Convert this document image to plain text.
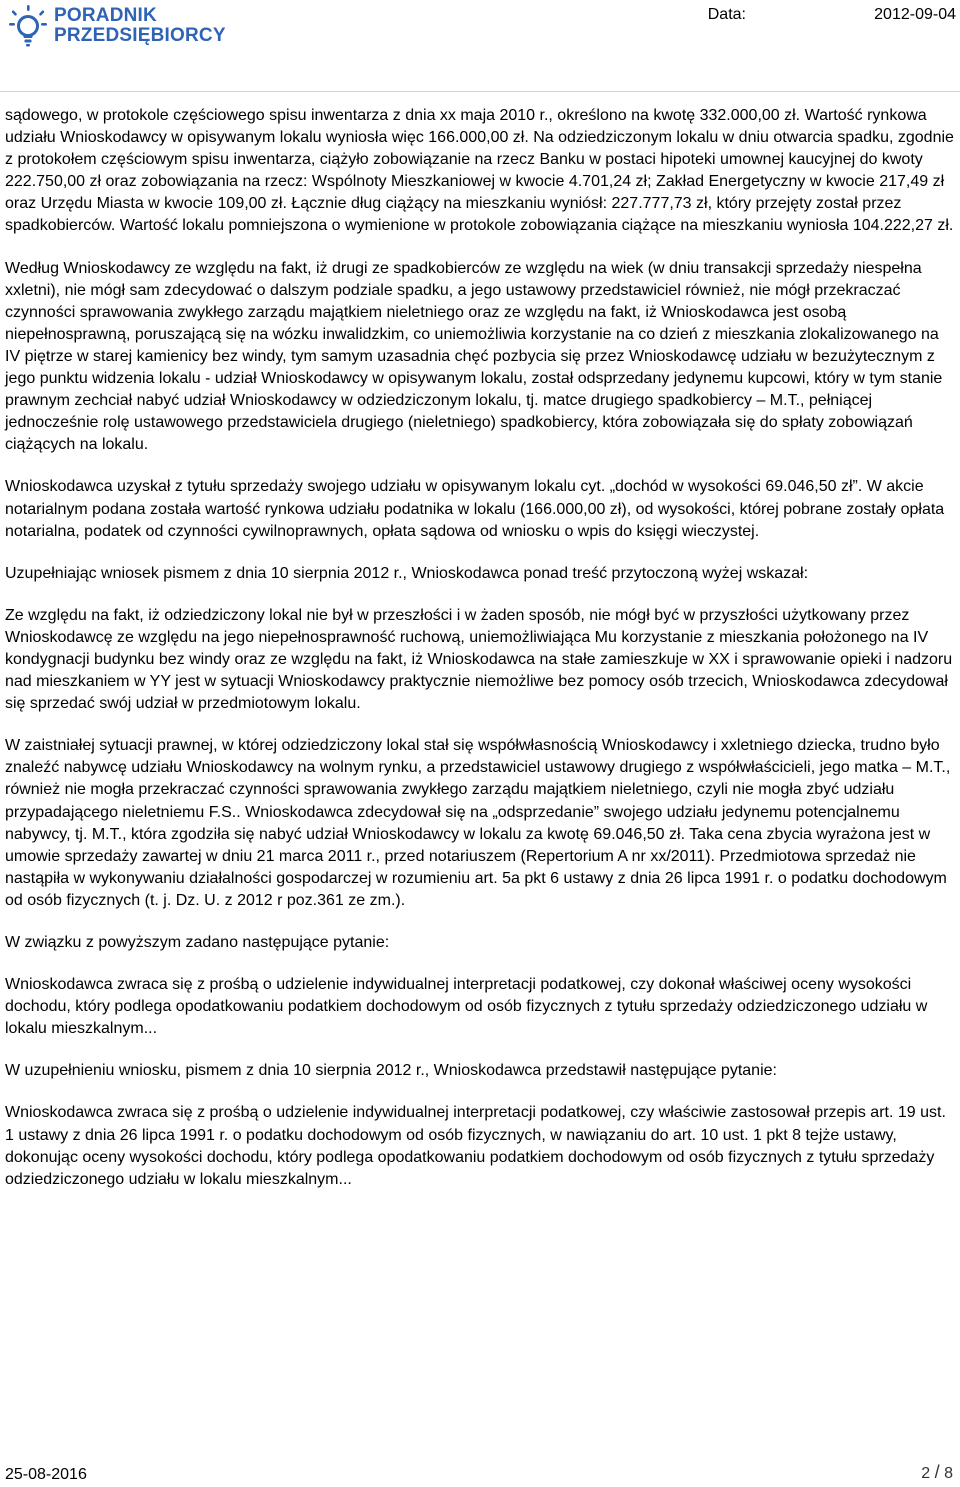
PORADNIK
PRZEDSIĘBIORCY
Data:	2012-09-04

sądowego, w protokole częściowego spisu inwentarza z dnia xx maja 2010 r., określono na kwotę 332.000,00 zł. Wartość rynkowa udziału Wnioskodawcy w opisywanym lokalu wyniosła więc 166.000,00 zł. Na odziedziczonym lokalu w dniu otwarcia spadku, zgodnie z protokołem częściowym spisu inwentarza, ciążyło zobowiązanie na rzecz Banku w postaci hipoteki umownej kaucyjnej do kwoty 222.750,00 zł oraz zobowiązania na rzecz: Wspólnoty Mieszkaniowej w kwocie 4.701,24 zł; Zakład Energetyczny w kwocie 217,49 zł oraz Urzędu Miasta w kwocie 109,00 zł. Łącznie dług ciążący na mieszkaniu wyniósł: 227.777,73 zł, który przejęty został przez spadkobierców. Wartość lokalu pomniejszona o wymienione w protokole zobowiązania ciążące na mieszkaniu wyniosła 104.222,27 zł.

Według Wnioskodawcy ze względu na fakt, iż drugi ze spadkobierców ze względu na wiek (w dniu transakcji sprzedaży niespełna xxletni), nie mógł sam zdecydować o dalszym podziale spadku, a jego ustawowy przedstawiciel również, nie mógł przekraczać czynności sprawowania zwykłego zarządu majątkiem nieletniego oraz ze względu na fakt, iż Wnioskodawca jest osobą niepełnosprawną, poruszającą się na wózku inwalidzkim, co uniemożliwia korzystanie na co dzień z mieszkania zlokalizowanego na IV piętrze w starej kamienicy bez windy, tym samym uzasadnia chęć pozbycia się przez Wnioskodawcę udziału w bezużytecznym z jego punktu widzenia lokalu - udział Wnioskodawcy w opisywanym lokalu, został odsprzedany jedynemu kupcowi, który w tym stanie prawnym zechciał nabyć udział Wnioskodawcy w odziedziczonym lokalu, tj. matce drugiego spadkobiercy – M.T., pełniącej jednocześnie rolę ustawowego przedstawiciela drugiego (nieletniego) spadkobiercy, która zobowiązała się do spłaty zobowiązań ciążących na lokalu.

Wnioskodawca uzyskał z tytułu sprzedaży swojego udziału w opisywanym lokalu cyt. „dochód w wysokości 69.046,50 zł”. W akcie notarialnym podana została wartość rynkowa udziału podatnika w lokalu (166.000,00 zł), od wysokości, której pobrane zostały opłata notarialna, podatek od czynności cywilnoprawnych, opłata sądowa od wniosku o wpis do księgi wieczystej.

Uzupełniając wniosek pismem z dnia 10 sierpnia 2012 r., Wnioskodawca ponad treść przytoczoną wyżej wskazał:

Ze względu na fakt, iż odziedziczony lokal nie był w przeszłości i w żaden sposób, nie mógł być w przyszłości użytkowany przez Wnioskodawcę ze względu na jego niepełnosprawność ruchową, uniemożliwiająca Mu korzystanie z mieszkania położonego na IV kondygnacji budynku bez windy oraz ze względu na fakt, iż Wnioskodawca na stałe zamieszkuje w XX i sprawowanie opieki i nadzoru nad mieszkaniem w YY jest w sytuacji Wnioskodawcy praktycznie niemożliwe bez pomocy osób trzecich, Wnioskodawca zdecydował się sprzedać swój udział w przedmiotowym lokalu.

W zaistniałej sytuacji prawnej, w której odziedziczony lokal stał się współwłasnością Wnioskodawcy i xxletniego dziecka, trudno było znaleźć nabywcę udziału Wnioskodawcy na wolnym rynku, a przedstawiciel ustawowy drugiego z współwłaścicieli, jego matka – M.T., również nie mogła przekraczać czynności sprawowania zwykłego zarządu majątkiem nieletniego, czyli nie mogła zbyć udziału przypadającego nieletniemu F.S.. Wnioskodawca zdecydował się na „odsprzedanie” swojego udziału jedynemu potencjalnemu nabywcy, tj. M.T., która zgodziła się nabyć udział Wnioskodawcy w lokalu za kwotę 69.046,50 zł. Taka cena zbycia wyrażona jest w umowie sprzedaży zawartej w dniu 21 marca 2011 r., przed notariuszem (Repertorium A nr xx/2011). Przedmiotowa sprzedaż nie nastąpiła w wykonywaniu działalności gospodarczej w rozumieniu art. 5a pkt 6 ustawy z dnia 26 lipca 1991 r. o podatku dochodowym od osób fizycznych (t. j. Dz. U. z 2012 r poz.361 ze zm.).

W związku z powyższym zadano następujące pytanie:

Wnioskodawca zwraca się z prośbą o udzielenie indywidualnej interpretacji podatkowej, czy dokonał właściwej oceny wysokości dochodu, który podlega opodatkowaniu podatkiem dochodowym od osób fizycznych z tytułu sprzedaży odziedziczonego udziału w lokalu mieszkalnym...

W uzupełnieniu wniosku, pismem z dnia 10 sierpnia 2012 r., Wnioskodawca przedstawił następujące pytanie:

Wnioskodawca zwraca się z prośbą o udzielenie indywidualnej interpretacji podatkowej, czy właściwie zastosował przepis art. 19 ust. 1 ustawy z dnia 26 lipca 1991 r. o podatku dochodowym od osób fizycznych, w nawiązaniu do art. 10 ust. 1 pkt 8 tejże ustawy, dokonując oceny wysokości dochodu, który podlega opodatkowaniu podatkiem dochodowym od osób fizycznych z tytułu sprzedaży odziedziczonego udziału w lokalu mieszkalnym...

25-08-2016	2 / 8
